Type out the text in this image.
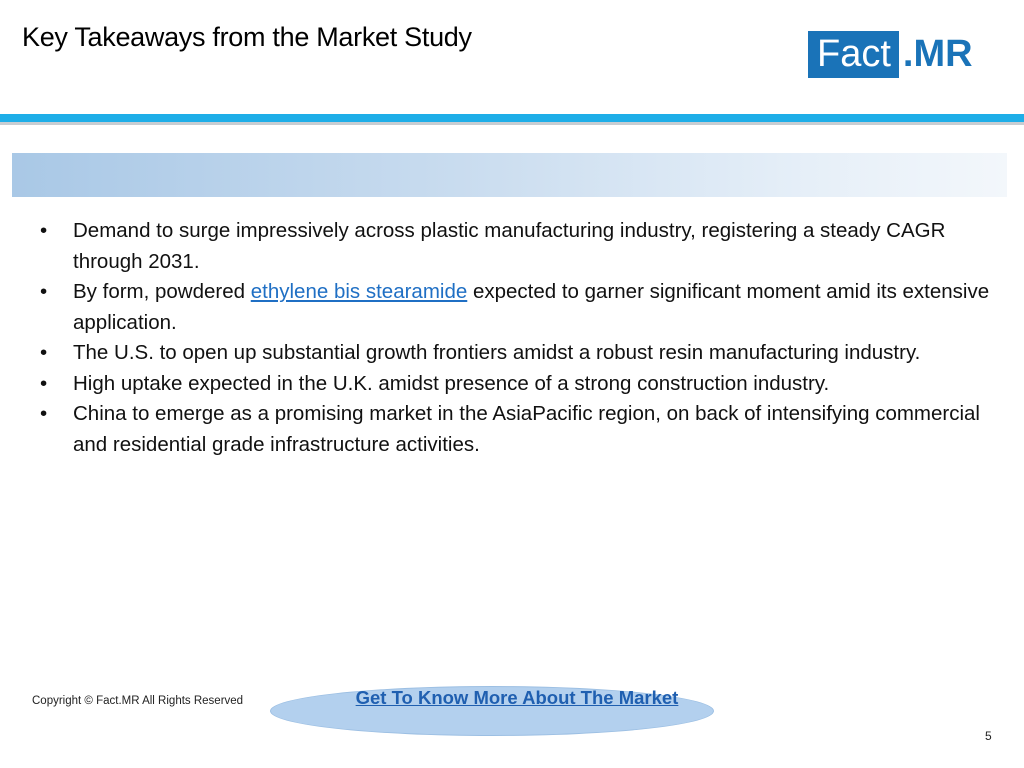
Key Takeaways from the Market Study	Fact .MR
• Demand to surge impressively across plastic manufacturing industry, registering a steady CAGR through 2031.
• By form, powdered ethylene bis stearamide expected to garner significant moment amid its extensive application.
• The U.S. to open up substantial growth frontiers amidst a robust resin manufacturing industry.
• High uptake expected in the U.K. amidst presence of a strong construction industry.
• China to emerge as a promising market in the AsiaPacific region, on back of intensifying commercial and residential grade infrastructure activities.
Copyright © Fact.MR All Rights Reserved	Get To Know More About The Market
5
